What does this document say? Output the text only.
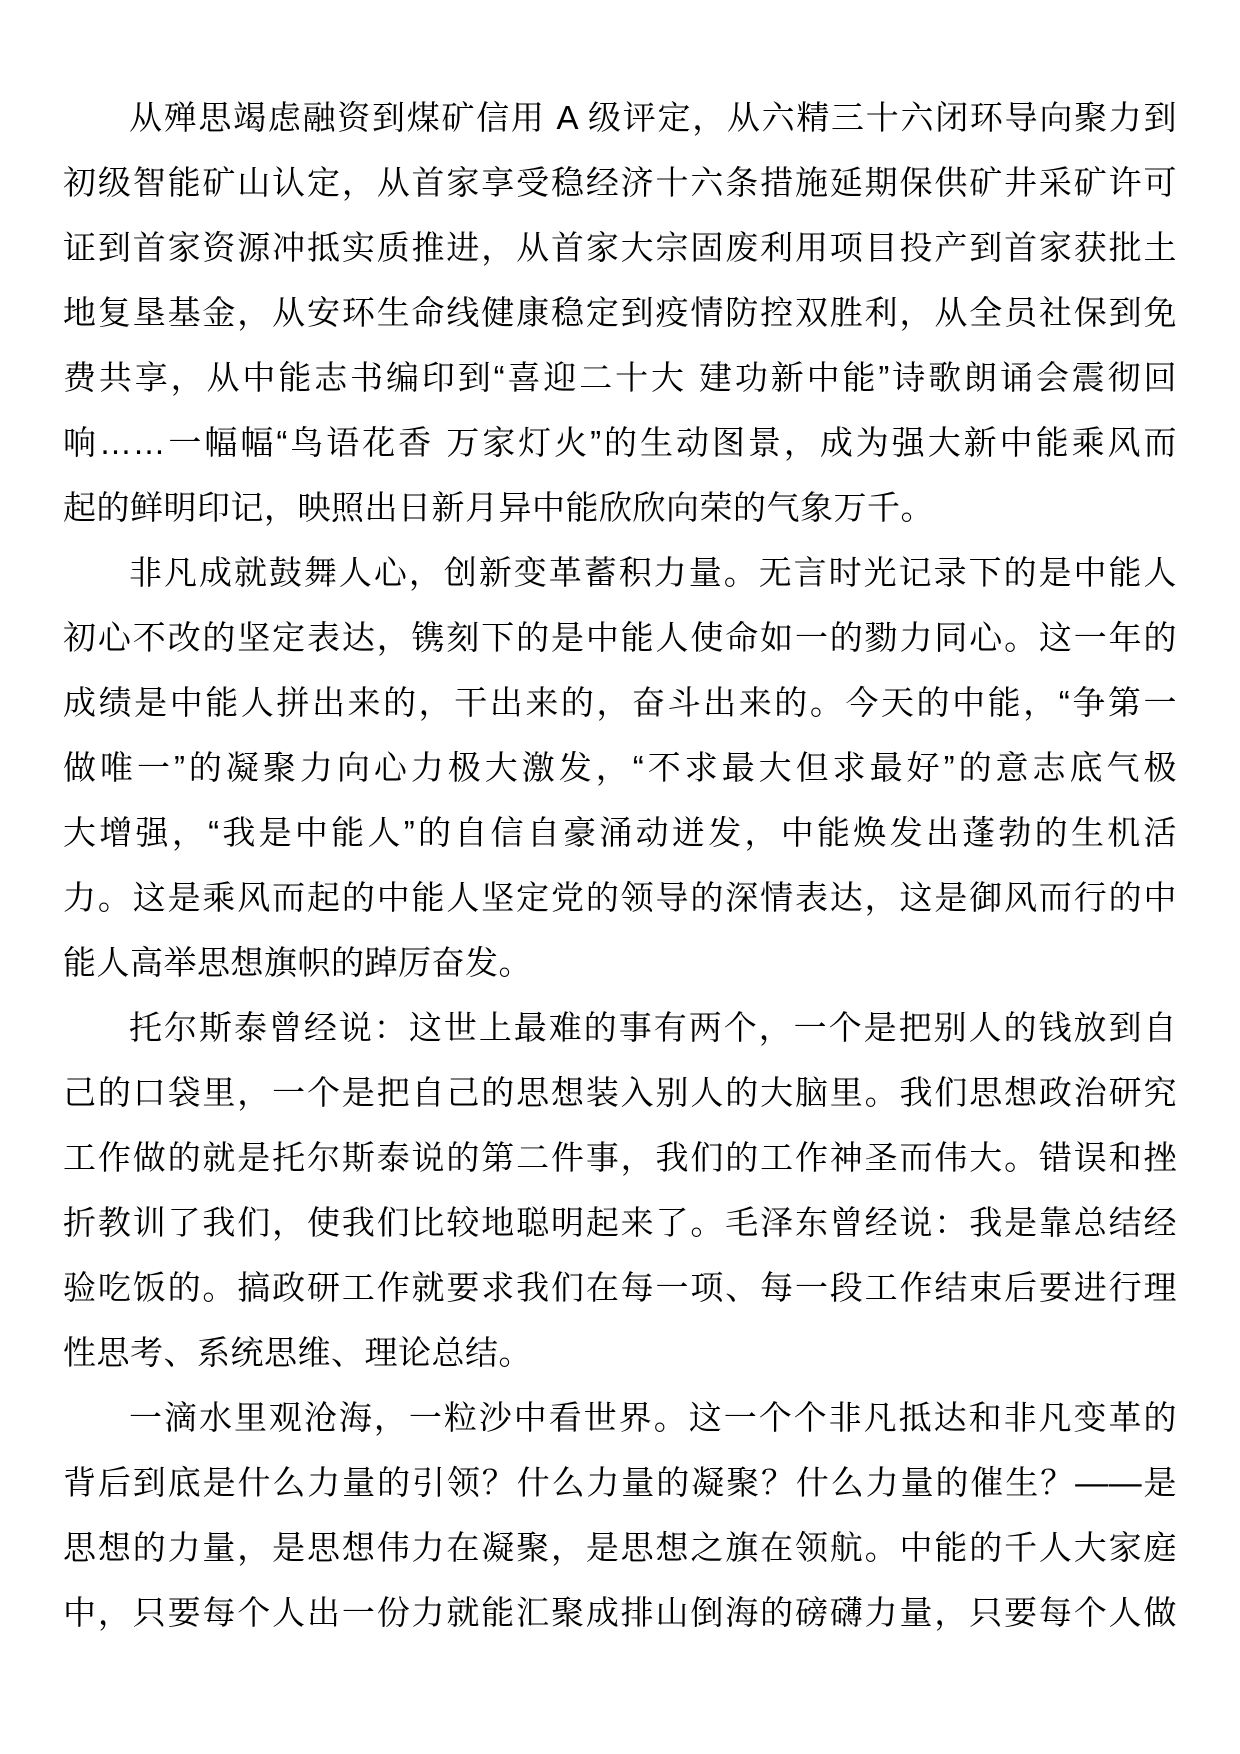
从殚思竭虑融资到煤矿信用 A 级评定，从六精三十六闭环导向聚力到
初级智能矿山认定，从首家享受稳经济十六条措施延期保供矿井采矿许可
证到首家资源冲抵实质推进，从首家大宗固废利用项目投产到首家获批土
地复垦基金，从安环生命线健康稳定到疫情防控双胜利，从全员社保到免
费共享，从中能志书编印到“喜迎二十大 建功新中能”诗歌朗诵会震彻回
响……一幅幅“鸟语花香 万家灯火”的生动图景，成为强大新中能乘风而
起的鲜明印记，映照出日新月异中能欣欣向荣的气象万千。
非凡成就鼓舞人心，创新变革蓄积力量。无言时光记录下的是中能人
初心不改的坚定表达，镌刻下的是中能人使命如一的勠力同心。这一年的
成绩是中能人拼出来的，干出来的，奋斗出来的。今天的中能，“争第一
做唯一”的凝聚力向心力极大激发，“不求最大但求最好”的意志底气极
大增强，“我是中能人”的自信自豪涌动迸发，中能焕发出蓬勃的生机活
力。这是乘风而起的中能人坚定党的领导的深情表达，这是御风而行的中
能人高举思想旗帜的踔厉奋发。
托尔斯泰曾经说：这世上最难的事有两个，一个是把别人的钱放到自
己的口袋里，一个是把自己的思想装入别人的大脑里。我们思想政治研究
工作做的就是托尔斯泰说的第二件事，我们的工作神圣而伟大。错误和挫
折教训了我们，使我们比较地聪明起来了。毛泽东曾经说：我是靠总结经
验吃饭的。搞政研工作就要求我们在每一项、每一段工作结束后要进行理
性思考、系统思维、理论总结。
一滴水里观沧海，一粒沙中看世界。这一个个非凡抵达和非凡变革的
背后到底是什么力量的引领？什么力量的凝聚？什么力量的催生？——是
思想的力量，是思想伟力在凝聚，是思想之旗在领航。中能的千人大家庭
中，只要每个人出一份力就能汇聚成排山倒海的磅礴力量，只要每个人做
